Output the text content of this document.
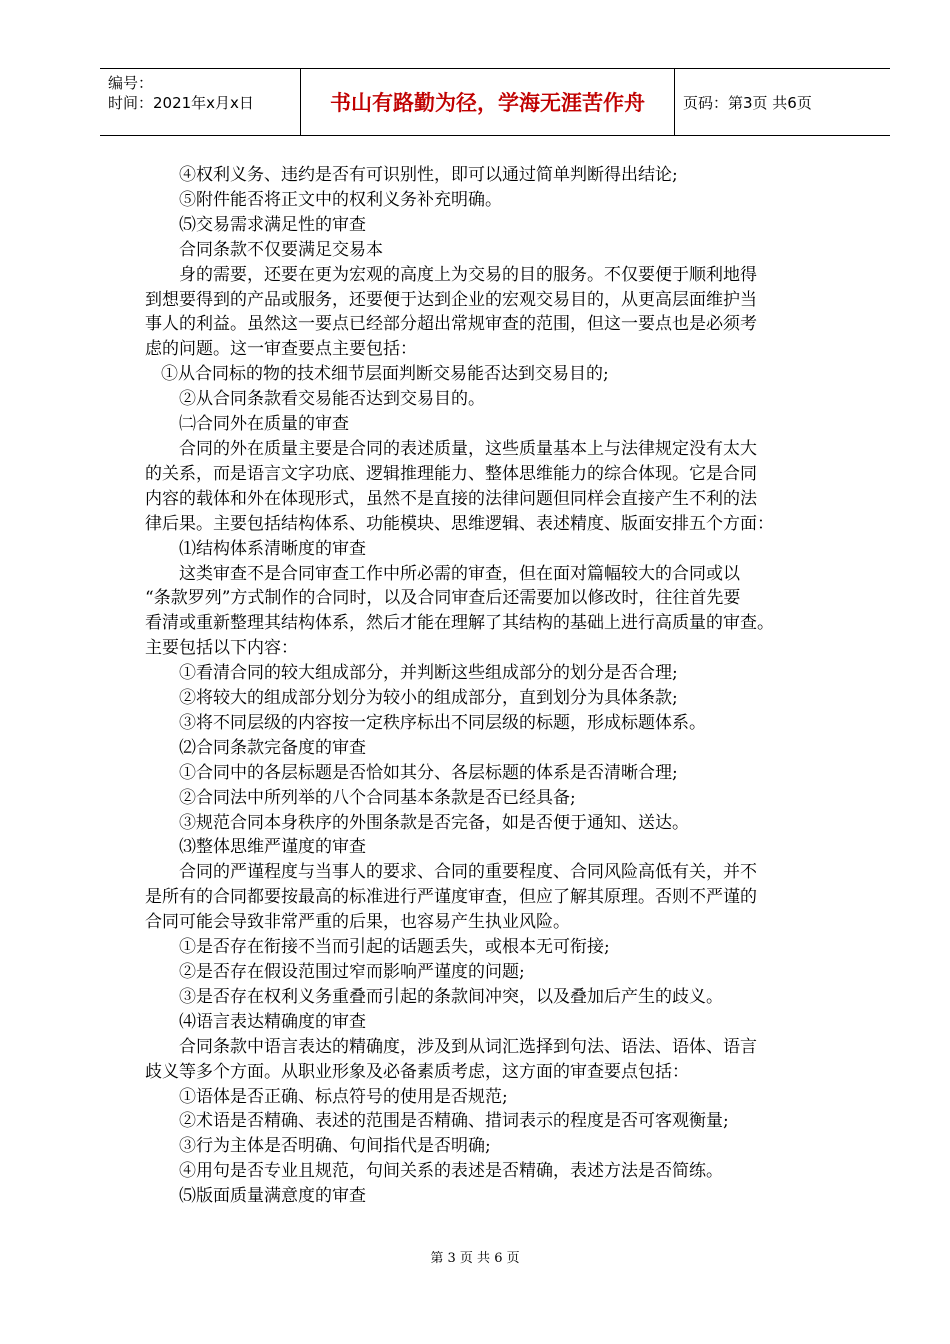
编号：
时间：2021年x月x日	书山有路勤为径，学海无涯苦作舟	页码：第3页 共6页

④权利义务、违约是否有可识别性，即可以通过简单判断得出结论;

⑤附件能否将正文中的权利义务补充明确。

⑸交易需求满足性的审查

合同条款不仅要满足交易本

身的需要，还要在更为宏观的高度上为交易的目的服务。不仅要便于顺利地得

到想要得到的产品或服务，还要便于达到企业的宏观交易目的，从更高层面维护当

事人的利益。虽然这一要点已经部分超出常规审查的范围，但这一要点也是必须考

虑的问题。这一审查要点主要包括：

①从合同标的物的技术细节层面判断交易能否达到交易目的;

②从合同条款看交易能否达到交易目的。

㈡合同外在质量的审查

合同的外在质量主要是合同的表述质量，这些质量基本上与法律规定没有太大

的关系，而是语言文字功底、逻辑推理能力、整体思维能力的综合体现。它是合同

内容的载体和外在体现形式，虽然不是直接的法律问题但同样会直接产生不利的法

律后果。主要包括结构体系、功能模块、思维逻辑、表述精度、版面安排五个方面：

⑴结构体系清晰度的审查

这类审查不是合同审查工作中所必需的审查，但在面对篇幅较大的合同或以

“条款罗列”方式制作的合同时，以及合同审查后还需要加以修改时，往往首先要

看清或重新整理其结构体系，然后才能在理解了其结构的基础上进行高质量的审查。

主要包括以下内容：

①看清合同的较大组成部分，并判断这些组成部分的划分是否合理;

②将较大的组成部分划分为较小的组成部分，直到划分为具体条款;

③将不同层级的内容按一定秩序标出不同层级的标题，形成标题体系。

⑵合同条款完备度的审查

①合同中的各层标题是否恰如其分、各层标题的体系是否清晰合理;

②合同法中所列举的八个合同基本条款是否已经具备;

③规范合同本身秩序的外围条款是否完备，如是否便于通知、送达。

⑶整体思维严谨度的审查

合同的严谨程度与当事人的要求、合同的重要程度、合同风险高低有关，并不

是所有的合同都要按最高的标准进行严谨度审查，但应了解其原理。否则不严谨的

合同可能会导致非常严重的后果，也容易产生执业风险。

①是否存在衔接不当而引起的话题丢失，或根本无可衔接;

②是否存在假设范围过窄而影响严谨度的问题;

③是否存在权利义务重叠而引起的条款间冲突，以及叠加后产生的歧义。

⑷语言表达精确度的审查

合同条款中语言表达的精确度，涉及到从词汇选择到句法、语法、语体、语言

歧义等多个方面。从职业形象及必备素质考虑，这方面的审查要点包括：

①语体是否正确、标点符号的使用是否规范;

②术语是否精确、表述的范围是否精确、措词表示的程度是否可客观衡量;

③行为主体是否明确、句间指代是否明确;

④用句是否专业且规范，句间关系的表述是否精确，表述方法是否简练。

⑸版面质量满意度的审查

第 3 页 共 6 页
